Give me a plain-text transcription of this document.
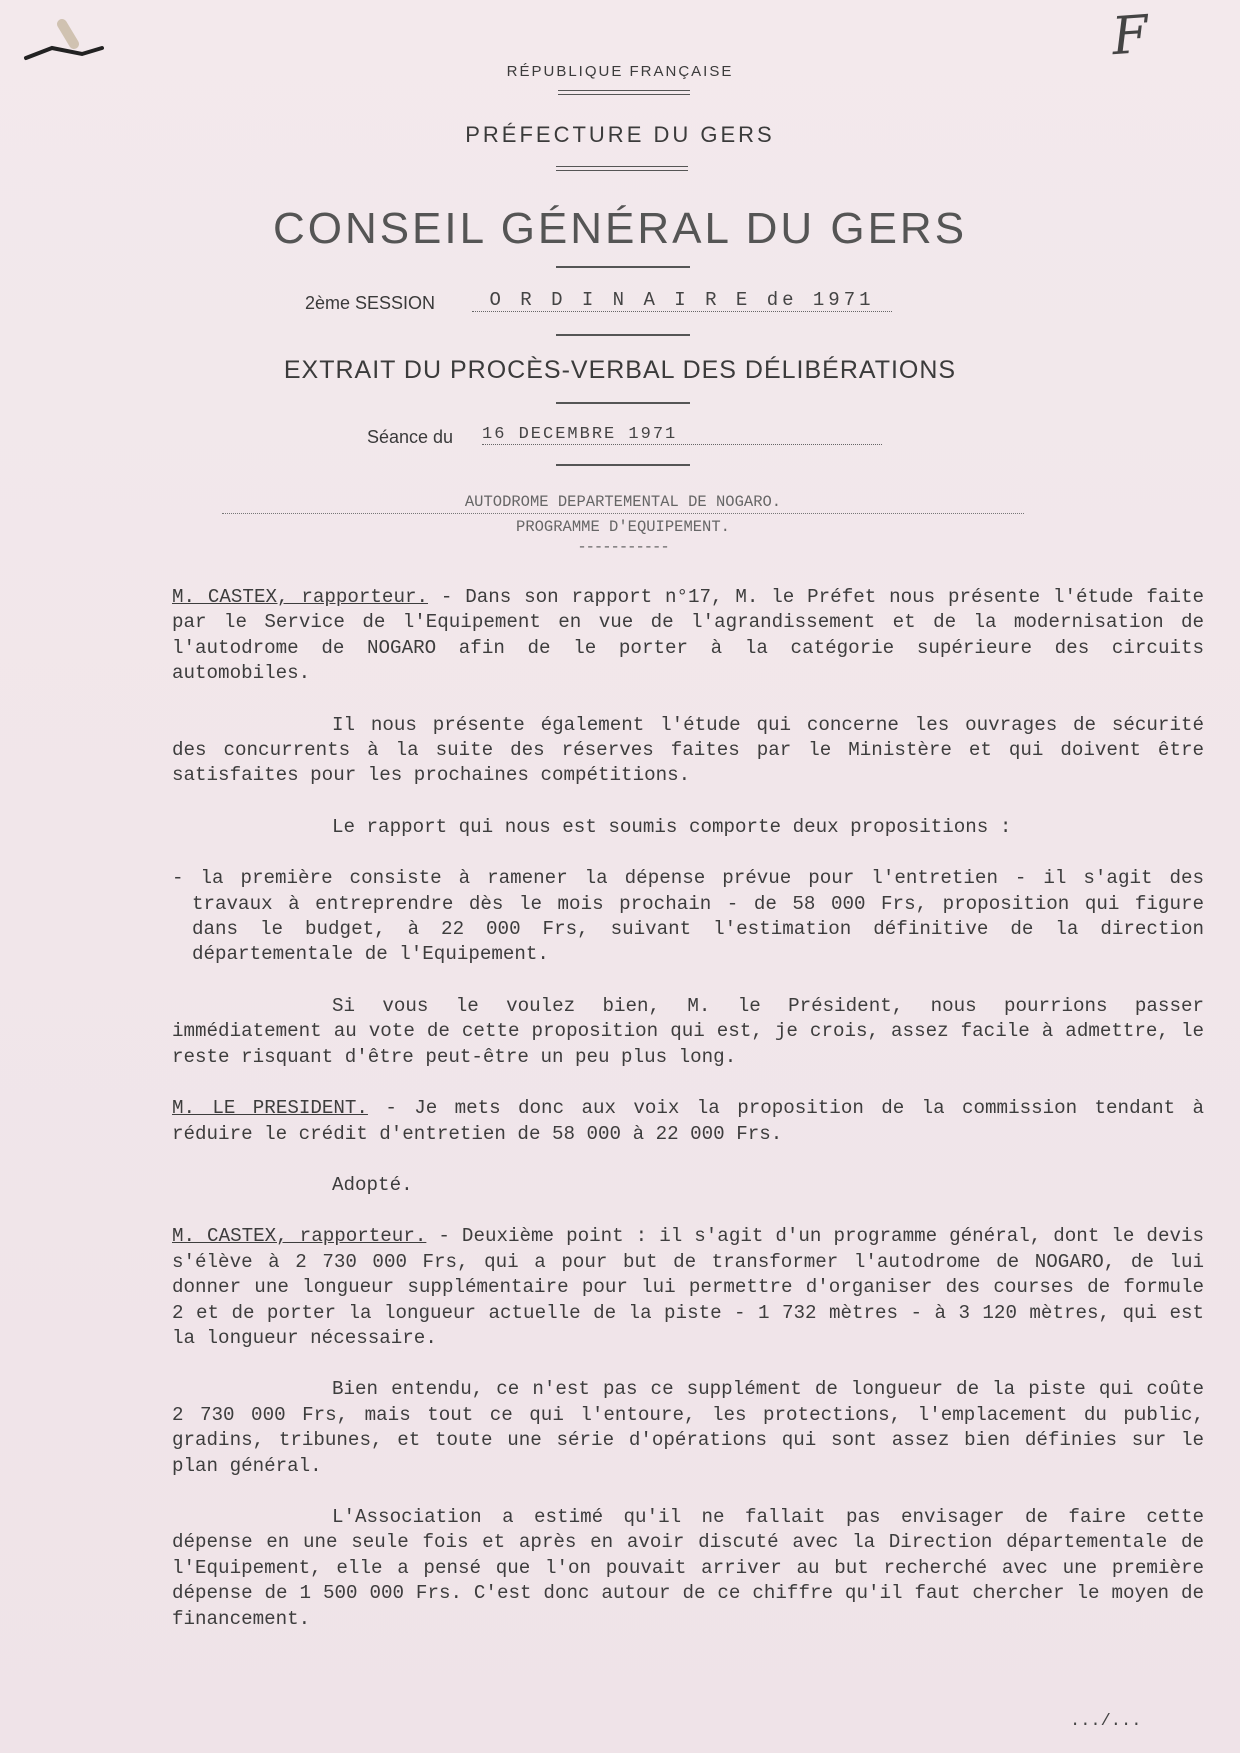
F
RÉPUBLIQUE FRANÇAISE
PRÉFECTURE DU GERS
CONSEIL GÉNÉRAL DU GERS
2ème SESSION	O R D I N A I R E de 1971
EXTRAIT DU PROCÈS-VERBAL DES DÉLIBÉRATIONS
Séance du 16 DECEMBRE 1971
AUTODROME DEPARTEMENTAL DE NOGARO.
PROGRAMME D'EQUIPEMENT.
-----------

M. CASTEX, rapporteur. - Dans son rapport n°17, M. le Préfet nous présente l'étude faite par le Service de l'Equipement en vue de l'agrandissement et de la modernisation de l'autodrome de NOGARO afin de le porter à la catégorie supérieure des circuits automobiles.

Il nous présente également l'étude qui concerne les ouvrages de sécurité des concurrents à la suite des réserves faites par le Ministère et qui doivent être satisfaites pour les prochaines compétitions.

Le rapport qui nous est soumis comporte deux propositions :

- la première consiste à ramener la dépense prévue pour l'entretien - il s'agit des travaux à entreprendre dès le mois prochain - de 58 000 Frs, proposition qui figure dans le budget, à 22 000 Frs, suivant l'estimation définitive de la direction départementale de l'Equipement.

Si vous le voulez bien, M. le Président, nous pourrions passer immédiatement au vote de cette proposition qui est, je crois, assez facile à admettre, le reste risquant d'être peut-être un peu plus long.

M. LE PRESIDENT. - Je mets donc aux voix la proposition de la commission tendant à réduire le crédit d'entretien de 58 000 à 22 000 Frs.

Adopté.

M. CASTEX, rapporteur. - Deuxième point : il s'agit d'un programme général, dont le devis s'élève à 2 730 000 Frs, qui a pour but de transformer l'autodrome de NOGARO, de lui donner une longueur supplémentaire pour lui permettre d'organiser des courses de formule 2 et de porter la longueur actuelle de la piste - 1 732 mètres - à 3 120 mètres, qui est la longueur nécessaire.

Bien entendu, ce n'est pas ce supplément de longueur de la piste qui coûte 2 730 000 Frs, mais tout ce qui l'entoure, les protections, l'emplacement du public, gradins, tribunes, et toute une série d'opérations qui sont assez bien définies sur le plan général.

L'Association a estimé qu'il ne fallait pas envisager de faire cette dépense en une seule fois et après en avoir discuté avec la Direction départementale de l'Equipement, elle a pensé que l'on pouvait arriver au but recherché avec une première dépense de 1 500 000 Frs. C'est donc autour de ce chiffre qu'il faut chercher le moyen de financement.

.../...
